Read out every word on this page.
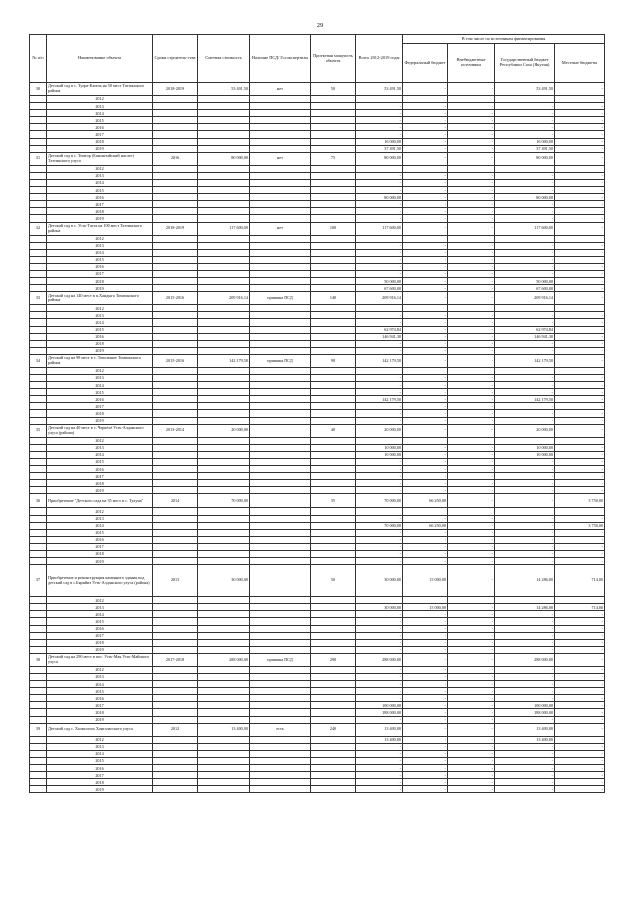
29
№ п/п	Наименование объекта	Сроки строитель-ства	Сметная стоимость	Наличие ПСД/ Госэкспертизы	Проектная мощность объекта	Всего 2012-2019 годы	В том числе по источникам финансирования			
							Федеральный бюджет	Внебюджетные источники	Государственный бюджет Республики Саха (Якутия)	Местные бюджеты
30	Детский сад в с. Туора-Кюель на 50 мест Таттинского района	2018-2019	53 491,50	нет	50	53 491,50	-	-	53 491,50	-
	2012									
	2013					-	-	-	-	-
	2014					-	-	-	-	-
	2015					-	-	-	-	-
	2016					-	-	-	-	-
	2017					-	-	-	-	-
	2018					16 000,00	-	-	16 000,00	-
	2019					37 491,50	-	-	37 491,50	-
31	Детский сад в с. Томтор (Баягантайский наслег) Таттинского улуса	2016	80 000,00	нет	75	80 000,00	-	-	80 000,00	-
	2012									
	2013					-	-	-	-	-
	2014					-	-	-	-	-
	2015					-	-	-	-	-
	2016					80 000,00	-	-	80 000,00	-
	2017					-	-	-	-	-
	2018					-	-	-	-	-
	2019					-	-	-	-	-
32	Детский сад в с. Усть-Татта на 100 мест Таттинского района	2018-2019	117 600,00	нет	100	117 600,00	-	-	117 600,00	-
	2012									
	2013					-	-	-	-	-
	2014					-	-	-	-	-
	2015					-	-	-	-	-
	2016					-	-	-	-	-
	2017					-	-	-	-	-
	2018					50 000,00	-	-	50 000,00	-
	2019					67 600,00	-	-	67 600,00	-
33	Детский сад на 140 мест в п.Хандыга Томпонского района	2015-2016	209 916,14	привязка ПСД	140	209 916,14	-	-	209 916,14	-
	2012									
	2013					-	-	-	-	-
	2014					-	-	-	-	-
	2015					62 974,84	-	-	62 974,84	-
	2016					146 941,30	-	-	146 941,30	-
	2018					-	-	-	-	-
	2019					-	-	-	-	-
34	Детский сад на 98 мест в с. Тополиное Томпонского района	2015-2016	142 179,50	привязка ПСД	98	142 179,50	-	-	142 179,50	-
	2012									
	2013					-	-	-	-	-
	2014					-	-	-	-	-
	2015					-	-	-	-	-
	2016					142 179,50	-	-	142 179,50	-
	2017					-	-	-	-	-
	2018					-	-	-	-	-
	2019					-	-	-	-	-
35	Детский сад на 40 мест в с. Черкёхё Усть-Алданского улуса (района)	2013-2014	20 000,00		40	20 000,00	-	-	20 000,00	-
	2012									
	2013					10 000,00	-	-	10 000,00	-
	2014					10 000,00	-	-	10 000,00	-
	2015					-	-	-	-	-
	2016					-	-	-	-	-
	2017					-	-	-	-	-
	2018					-	-	-	-	-
	2019					-	-	-	-	-
36	Приобретение "Детского сада на 35 мест в с. Тулуна"	2014	70 000,00		35	70 000,00	66 250,00	-	-	3 750,00
	2012									
	2013					-	-	-	-	-
	2014					70 000,00	66 250,00	-	-	3 750,00
	2015					-	-	-	-	-
	2016					-	-	-	-	-
	2017					-	-	-	-	-
	2018					-	-	-	-	-
	2019					-	-	-	-	-
37	Приобретение и реконструкция каменного здания под детский сад в с.Бярийиэ Усть-Алданского улуса (района)	2013	30 000,00		50	30 000,00	15 000,00	-	14 286,00	714,00
	2012									
	2013					30 000,00	15 000,00	-	14 286,00	714,00
	2014					-	-	-	-	-
	2015					-	-	-	-	-
	2016					-	-	-	-	-
	2017					-	-	-	-	-
	2018					-	-	-	-	-
	2019					-	-	-	-	-
38	Детский сад на 290 мест в пос. Усть-Мая Усть-Майского улуса	2017-2018	288 000,00	привязка ПСД	290	288 000,00	-	-	288 000,00	-
	2012					-	-	-	-	-
	2013					-	-	-	-	-
	2014					-	-	-	-	-
	2015					-	-	-	-	-
	2016					-	-	-	-	-
	2017					100 000,00	-	-	100 000,00	-
	2018					188 000,00	-	-	188 000,00	-
	2019					-	-	-	-	-
39	Детский сад с. Холмолоох Хангаласского улуса	2012	13 400,00	есть	240	13 400,00	-	-	13 400,00	-
	2012					13 400,00	-	-	13 400,00	-
	2013					-	-	-	-	-
	2014					-	-	-	-	-
	2015					-	-	-	-	-
	2016					-	-	-	-	-
	2017					-	-	-	-	-
	2018					-	-	-	-	-
	2019					-	-	-	-	-
